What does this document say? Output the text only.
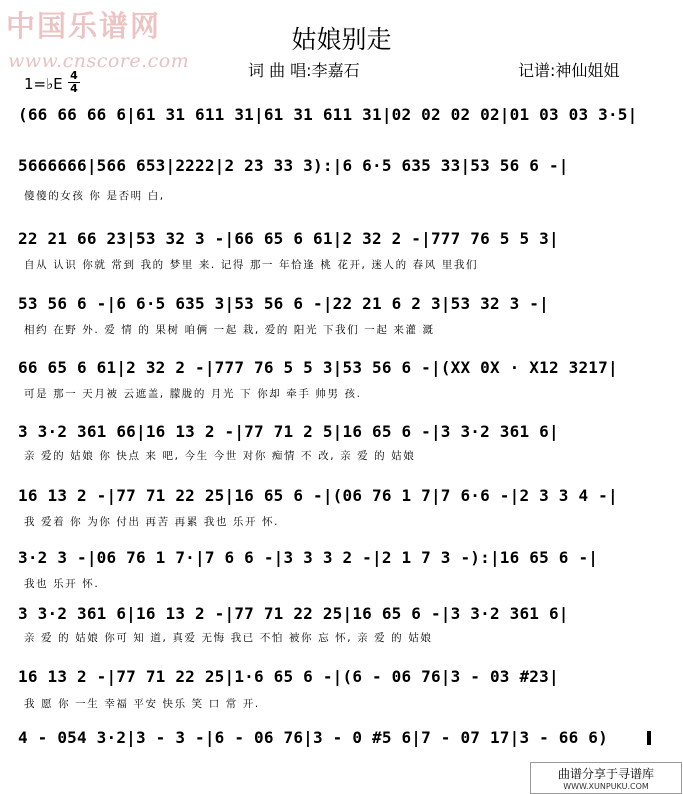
中国乐谱网
www.cnscore.com
姑娘别走
词 曲 唱:李嘉石	记谱:神仙姐姐
1=♭E 4
4
(66 66 66 6|61 31 611 31|61 31 611 31|02 02 02 02|01 03 03 3·5|
5666666|566 653|2222|2 23 33 3):|6 6·5 635 33|53 56 6 -|
傻傻的女孩 你 是否明 白,
22 21 66 23|53 32 3 -|66 65 6 61|2 32 2 -|777 76 5 5 3|
自从 认识 你就 常到 我的 梦里 来. 记得 那一 年恰逢 桃 花开, 迷人的 春风 里我们
53 56 6 -|6 6·5 635 3|53 56 6 -|22 21 6 2 3|53 32 3 -|
相约 在野 外. 爱 情 的 果树 咱俩 一起 栽, 爱的 阳光 下我们 一起 来灌 溉
66 65 6 61|2 32 2 -|777 76 5 5 3|53 56 6 -|(XX 0X · X12 3217|
可是 那一 天月被 云遮盖, 朦胧的 月光 下 你却 牵手 帅男 孩.
3 3·2 361 66|16 13 2 -|77 71 2 5|16 65 6 -|3 3·2 361 6|
亲 爱的 姑娘 你 快点 来 吧, 今生 今世 对你 痴情 不 改, 亲 爱 的 姑娘
16 13 2 -|77 71 22 25|16 65 6 -|(06 76 1 7|7 6·6 -|2 3 3 4 -|
我 爱着 你 为你 付出 再苦 再累 我也 乐开 怀.
3·2 3 -|06 76 1 7·|7 6 6 -|3 3 3 2 -|2 1 7 3 -):|16 65 6 -|
我也 乐开 怀.
3 3·2 361 6|16 13 2 -|77 71 22 25|16 65 6 -|3 3·2 361 6|
亲 爱 的 姑娘 你可 知 道, 真爱 无悔 我已 不怕 被你 忘 怀, 亲 爱 的 姑娘
16 13 2 -|77 71 22 25|1·6 65 6 -|(6 - 06 76|3 - 03 #23|
我 愿 你 一生 幸福 平安 快乐 笑 口 常 开.
4 - 054 3·2|3 - 3 -|6 - 06 76|3 - 0 #5 6|7 - 07 17|3 - 66 6)
曲谱分享于寻谱库
WWW.XUNPUKU.COM
